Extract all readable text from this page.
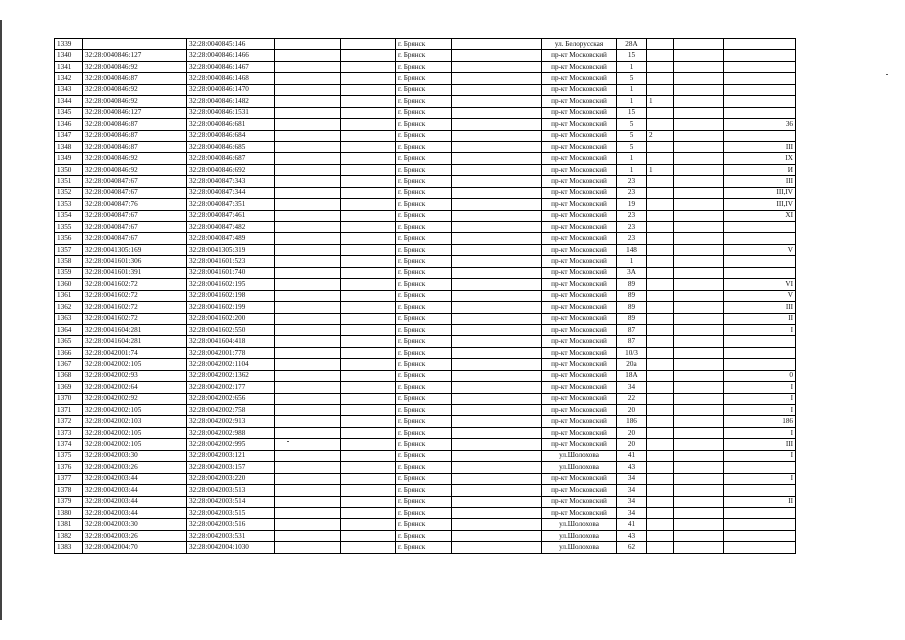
1339		32:28:0040845:146			г. Брянск		ул. Белорусская	28А			
1340	32:28:0040846:127	32:28:0040846:1466			г. Брянск		пр-кт Московский	15			
1341	32:28:0040846:92	32:28:0040846:1467			г. Брянск		пр-кт Московский	1			
1342	32:28:0040846:87	32:28:0040846:1468			г. Брянск		пр-кт Московский	5			
1343	32:28:0040846:92	32:28:0040846:1470			г. Брянск		пр-кт Московский	1			
1344	32:28:0040846:92	32:28:0040846:1482			г. Брянск		пр-кт Московский	1	1		
1345	32:28:0040846:127	32:28:0040846:1531			г. Брянск		пр-кт Московский	15			
1346	32:28:0040846:87	32:28:0040846:681			г. Брянск		пр-кт Московский	5			36
1347	32:28:0040846:87	32:28:0040846:684			г. Брянск		пр-кт Московский	5	2		
1348	32:28:0040846:87	32:28:0040846:685			г. Брянск		пр-кт Московский	5			III
1349	32:28:0040846:92	32:28:0040846:687			г. Брянск		пр-кт Московский	1			IX
1350	32:28:0040846:92	32:28:0040846:692			г. Брянск		пр-кт Московский	1	1		И
1351	32:28:0040847:67	32:28:0040847:343			г. Брянск		пр-кт Московский	23			III
1352	32:28:0040847:67	32:28:0040847:344			г. Брянск		пр-кт Московский	23			III,IV
1353	32:28:0040847:76	32:28:0040847:351			г. Брянск		пр-кт Московский	19			III,IV
1354	32:28:0040847:67	32:28:0040847:461			г. Брянск		пр-кт Московский	23			XI
1355	32:28:0040847:67	32:28:0040847:482			г. Брянск		пр-кт Московский	23			
1356	32:28:0040847:67	32:28:0040847:489			г. Брянск		пр-кт Московский	23			
1357	32:28:0041305:169	32:28:0041305:319			г. Брянск		пр-кт Московский	148			V
1358	32:28:0041601:306	32:28:0041601:523			г. Брянск		пр-кт Московский	1			
1359	32:28:0041601:391	32:28:0041601:740			г. Брянск		пр-кт Московский	3А			
1360	32:28:0041602:72	32:28:0041602:195			г. Брянск		пр-кт Московский	89			VI
1361	32:28:0041602:72	32:28:0041602:198			г. Брянск		пр-кт Московский	89			V
1362	32:28:0041602:72	32:28:0041602:199			г. Брянск		пр-кт Московский	89			III
1363	32:28:0041602:72	32:28:0041602:200			г. Брянск		пр-кт Московский	89			II
1364	32:28:0041604:281	32:28:0041602:550			г. Брянск		пр-кт Московский	87			I
1365	32:28:0041604:281	32:28:0041604:418			г. Брянск		пр-кт Московский	87			
1366	32:28:0042001:74	32:28:0042001:778			г. Брянск		пр-кт Московский	10/3			
1367	32:28:0042002:105	32:28:0042002:1104			г. Брянск		пр-кт Московский	20а			
1368	32:28:0042002:93	32:28:0042002:1362			г. Брянск		пр-кт Московский	18А			0
1369	32:28:0042002:64	32:28:0042002:177			г. Брянск		пр-кт Московский	34			I
1370	32:28:0042002:92	32:28:0042002:656			г. Брянск		пр-кт Московский	22			I
1371	32:28:0042002:105	32:28:0042002:758			г. Брянск		пр-кт Московский	20			I
1372	32:28:0042002:103	32:28:0042002:913			г. Брянск		пр-кт Московский	186			186
1373	32:28:0042002:105	32:28:0042002:988			г. Брянск		пр-кт Московский	20			I
1374	32:28:0042002:105	32:28:0042002:995			г. Брянск		пр-кт Московский	20			III
1375	32:28:0042003:30	32:28:0042003:121			г. Брянск		ул.Шолохова	41			I
1376	32:28:0042003:26	32:28:0042003:157			г. Брянск		ул.Шолохова	43			
1377	32:28:0042003:44	32:28:0042003:220			г. Брянск		пр-кт Московский	34			I
1378	32:28:0042003:44	32:28:0042003:513			г. Брянск		пр-кт Московский	34			
1379	32:28:0042003:44	32:28:0042003:514			г. Брянск		пр-кт Московский	34			II
1380	32:28:0042003:44	32:28:0042003:515			г. Брянск		пр-кт Московский	34			
1381	32:28:0042003:30	32:28:0042003:516			г. Брянск		ул.Шолохова	41			
1382	32:28:0042003:26	32:28:0042003:531			г. Брянск		ул.Шолохова	43			
1383	32:28:0042004:70	32:28:0042004:1030			г. Брянск		ул.Шолохова	62			
